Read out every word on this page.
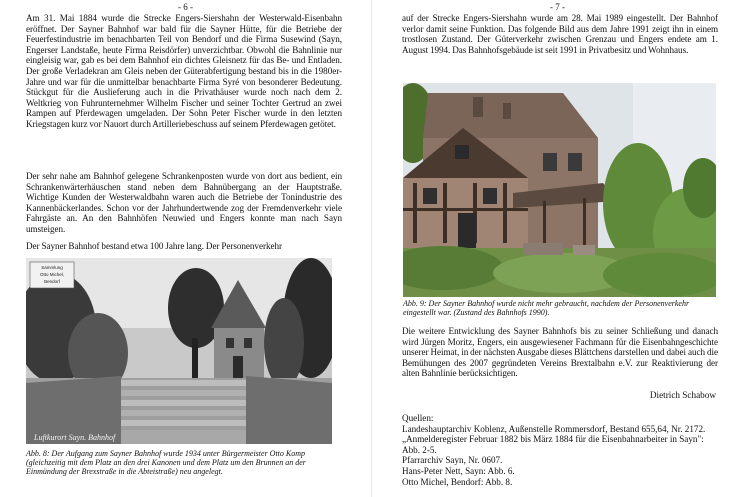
- 6 -

Am 31. Mai 1884 wurde die Strecke Engers-Siershahn der Westerwald-Eisenbahn eröffnet. Der Sayner Bahnhof war bald für die Sayner Hütte, für die Betriebe der Feuerfestindustrie im benachbarten Teil von Bendorf und die Firma Susewind (Sayn, Engerser Landstaße, heute Firma Reisdörfer) unverzichtbar. Obwohl die Bahnlinie nur eingleisig war, gab es bei dem Bahnhof ein dichtes Gleisnetz für das Be- und Entladen. Der große Verladekran am Gleis neben der Güterabfertigung bestand bis in die 1980er-Jahre und war für die unmittelbar benachbarte Firma Syré von besonderer Bedeutung. Stückgut für die Auslieferung auch in die Privathäuser wurde noch nach dem 2. Weltkrieg von Fuhrunternehmer Wilhelm Fischer und seiner Tochter Gertrud an zwei Rampen auf Pferdewagen umgeladen. Der Sohn Peter Fischer wurde in den letzten Kriegstagen kurz vor Nauort durch Artilleriebeschuss auf seinem Pferdewagen getötet.

Der sehr nahe am Bahnhof gelegene Schrankenposten wurde von dort aus bedient, ein Schrankenwärterhäuschen stand neben dem Bahnübergang an der Hauptstraße. Wichtige Kunden der Westerwaldbahn waren auch die Betriebe der Tonindustrie des Kannenbäckerlandes. Schon vor der Jahrhundertwende zog der Fremdenverkehr viele Fahrgäste an. An den Bahnhöfen Neuwied und Engers konnte man nach Sayn umsteigen.

Der Sayner Bahnhof bestand etwa 100 Jahre lang. Der Personenverkehr

Sammlung
Otto Michel,
Bendorf
Luftkurort Sayn. Bahnhof

Abb. 8: Der Aufgang zum Sayner Bahnhof wurde 1934 unter Bürgermeister Otto Komp (gleichzeitig mit dem Platz an den drei Kanonen und dem Platz um den Brunnen an der Einmündung der Brexstraße in die Abteistraße) neu angelegt.

- 7 -

auf der Strecke Engers-Siershahn wurde am 28. Mai 1989 eingestellt. Der Bahnhof verlor damit seine Funktion. Das folgende Bild aus dem Jahre 1991 zeigt ihn in einem trostlosen Zustand. Der Güterverkehr zwischen Grenzau und Engers endete am 1. August 1994. Das Bahnhofsgebäude ist seit 1991 in Privatbesitz und Wohnhaus.

Abb. 9: Der Sayner Bahnhof wurde nicht mehr gebraucht, nachdem der Personenverkehr eingestellt war. (Zustand des Bahnhofs 1990).

Die weitere Entwicklung des Sayner Bahnhofs bis zu seiner Schließung und danach wird Jürgen Moritz, Engers, ein ausgewiesener Fachmann für die Eisenbahngeschichte unserer Heimat, in der nächsten Ausgabe dieses Blättchens darstellen und dabei auch die Bemühungen des 2007 gegründeten Vereins Brextalbahn e.V. zur Reaktivierung der alten Bahnlinie berücksichtigen.

Dietrich Schabow
Quellen:
Landeshauptarchiv Koblenz, Außenstelle Rommersdorf, Bestand 655,64, Nr. 2172.
„Anmelderegister Februar 1882 bis März 1884 für die Eisenbahnarbeiter in Sayn":
Abb. 2-5.
Pfarrarchiv Sayn, Nr. 0607.
Hans-Peter Nett, Sayn: Abb. 6.
Otto Michel, Bendorf: Abb. 8.
